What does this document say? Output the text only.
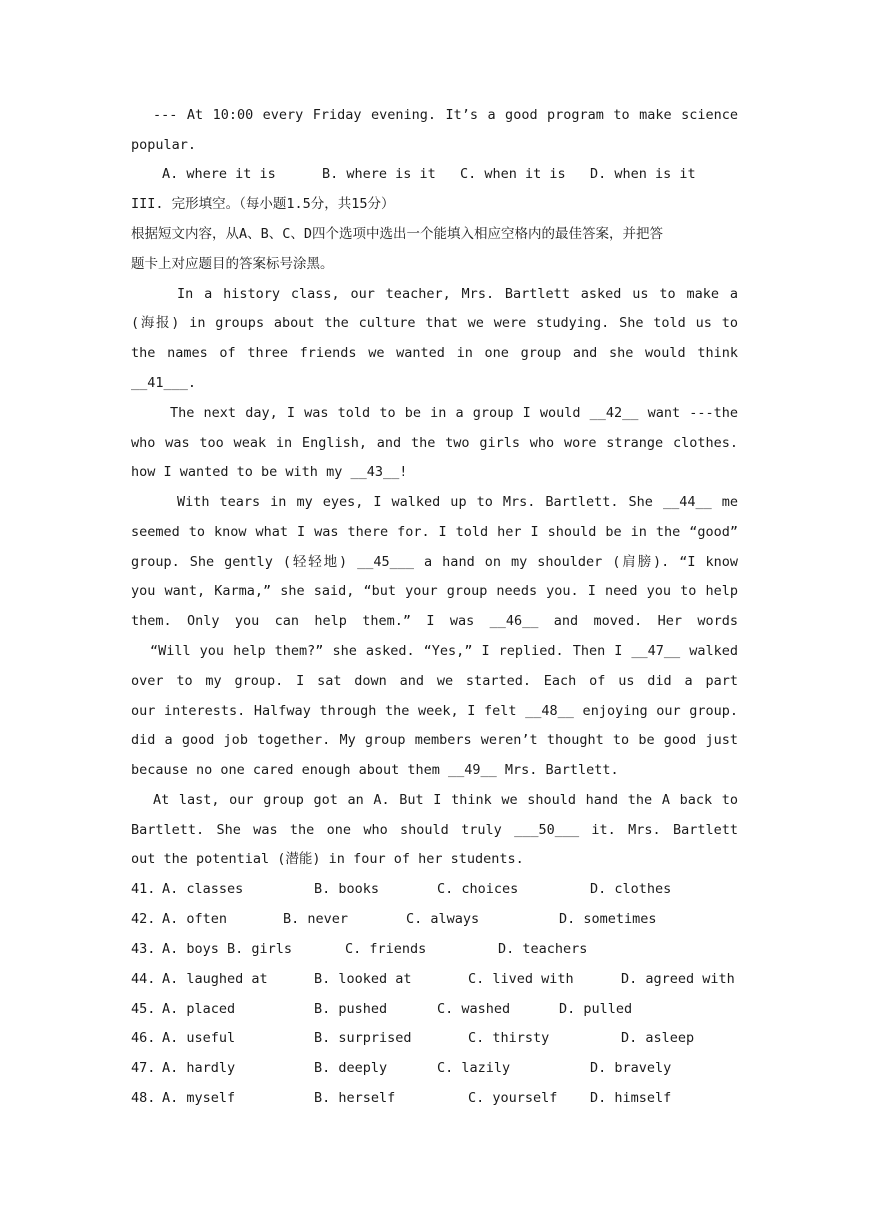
--- At 10:00 every Friday evening. It’s a good program to make science
popular.
A. where it is	B. where is it C. when it is D. when is it
III. 完形填空。（每小题1.5分，共15分）
根据短文内容，从A、B、C、D四个选项中选出一个能填入相应空格内的最佳答案，并把答
题卡上对应题目的答案标号涂黑。
In a history class, our teacher, Mrs. Bartlett asked us to make a
(海报) in groups about the culture that we were studying. She told us to
the names of three friends we wanted in one group and she would think
__41___.
The next day, I was told to be in a group I would __42__ want ---the
who was too weak in English, and the two girls who wore strange clothes.
how I wanted to be with my __43__!
With tears in my eyes, I walked up to Mrs. Bartlett. She __44__ me
seemed to know what I was there for. I told her I should be in the “good”
group. She gently (轻轻地) __45___ a hand on my shoulder (肩膀). “I know
you want, Karma,” she said, “but your group needs you. I need you to help
them. Only you can help them.” I was __46__ and moved. Her words
“Will you help them?” she asked. “Yes,” I replied. Then I __47__ walked
over to my group. I sat down and we started. Each of us did a part
our interests. Halfway through the week, I felt __48__ enjoying our group.
did a good job together. My group members weren’t thought to be good just
because no one cared enough about them __49__ Mrs. Bartlett.
At last, our group got an A. But I think we should hand the A back to
Bartlett. She was the one who should truly ___50___ it. Mrs. Bartlett
out the potential (潜能) in four of her students.
41. A. classes	B. books	C. choices	D. clothes
42. A. often	B. never	C. always	D. sometimes
43. A. boys B. girls	C. friends	D. teachers
44. A. laughed at	B. looked at	C. lived with	D. agreed with
45. A. placed	B. pushed	C. washed	D. pulled
46. A. useful	B. surprised	C. thirsty	D. asleep
47. A. hardly	B. deeply	C. lazily	D. bravely
48. A. myself	B. herself	C. yourself D. himself
